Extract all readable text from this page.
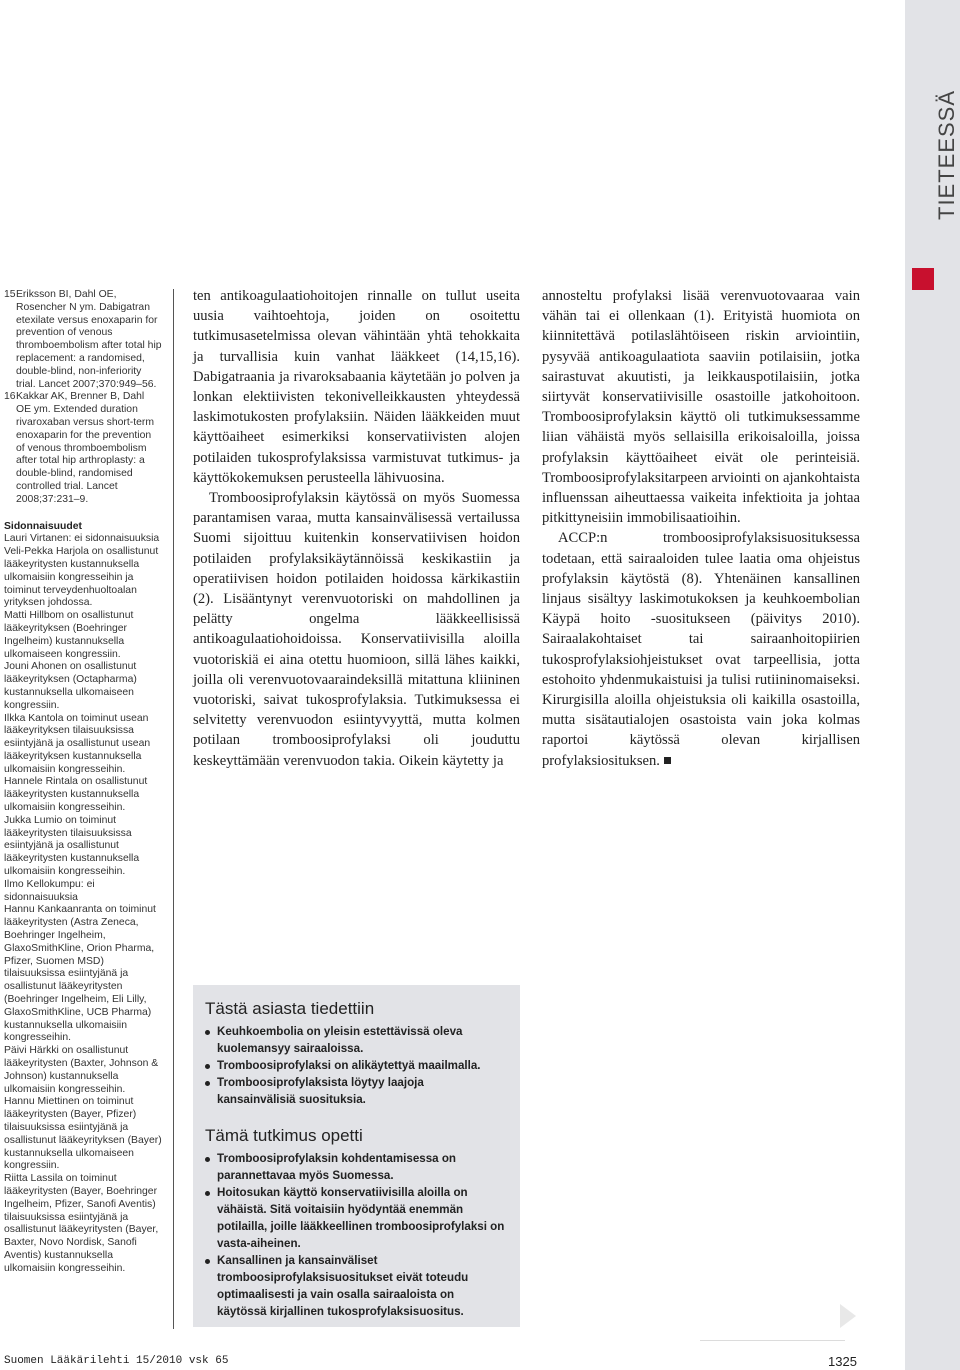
TIETEESSÄ
15 Eriksson BI, Dahl OE, Rosencher N ym. Dabigatran etexilate versus enoxaparin for prevention of venous thromboembolism after total hip replacement: a randomised, double-blind, non-inferiority trial. Lancet 2007;370:949–56.
16 Kakkar AK, Brenner B, Dahl OE ym. Extended duration rivaroxaban versus short-term enoxaparin for the prevention of venous thromboembolism after total hip arthroplasty: a double-blind, randomised controlled trial. Lancet 2008;37:231–9.
Sidonnaisuudet
Lauri Virtanen: ei sidonnaisuuksia
Veli-Pekka Harjola on osallistunut lääkeyritysten kustannuksella ulkomaisiin kongresseihin ja toiminut terveydenhuoltoalan yrityksen johdossa.
Matti Hillbom on osallistunut lääkeyrityksen (Boehringer Ingelheim) kustannuksella ulkomaiseen kongressiin.
Jouni Ahonen on osallistunut lääkeyrityksen (Octapharma) kustannuksella ulkomaiseen kongressiin.
Ilkka Kantola on toiminut usean lääkeyrityksen tilaisuuksissa esiintyjänä ja osallistunut usean lääkeyrityksen kustannuksella ulkomaisiin kongresseihin.
Hannele Rintala on osallistunut lääkeyritysten kustannuksella ulkomaisiin kongresseihin.
Jukka Lumio on toiminut lääkeyritysten tilaisuuksissa esiintyjänä ja osallistunut lääkeyritysten kustannuksella ulkomaisiin kongresseihin.
Ilmo Kellokumpu: ei sidonnaisuuksia
Hannu Kankaanranta on toiminut lääkeyritysten (Astra Zeneca, Boehringer Ingelheim, GlaxoSmithKline, Orion Pharma, Pfizer, Suomen MSD) tilaisuuksissa esiintyjänä ja osallistunut lääkeyritysten (Boehringer Ingelheim, Eli Lilly, GlaxoSmithKline, UCB Pharma) kustannuksella ulkomaisiin kongresseihin.
Päivi Härkki on osallistunut lääkeyritysten (Baxter, Johnson & Johnson) kustannuksella ulkomaisiin kongresseihin.
Hannu Miettinen on toiminut lääkeyritysten (Bayer, Pfizer) tilaisuuksissa esiintyjänä ja osallistunut lääkeyrityksen (Bayer) kustannuksella ulkomaiseen kongressiin.
Riitta Lassila on toiminut lääkeyritysten (Bayer, Boehringer Ingelheim, Pfizer, Sanofi Aventis) tilaisuuksissa esiintyjänä ja osallistunut lääkeyritysten (Bayer, Baxter, Novo Nordisk, Sanofi Aventis) kustannuksella ulkomaisiin kongresseihin.

ten antikoagulaatiohoitojen rinnalle on tullut useita uusia vaihtoehtoja, joiden on osoitettu tutkimusasetelmissa olevan vähintään yhtä tehokkaita ja turvallisia kuin vanhat lääkkeet (14,15,16). Dabigatraania ja rivaroksabaania käytetään jo polven ja lonkan elektiivisten tekonivelleikkausten yhteydessä laskimotukosten profylaksiin. Näiden lääkkeiden muut käyttöaiheet esimerkiksi konservatiivisten alojen potilaiden tukosprofylaksissa varmistuvat tutkimus- ja käyttökokemuksen perusteella lähivuosina.

Tromboosiprofylaksin käytössä on myös Suomessa parantamisen varaa, mutta kansainvälisessä vertailussa Suomi sijoittuu kuitenkin konservatiivisen hoidon potilaiden profylaksikäytännöissä keskikastiin ja operatiivisen hoidon potilaiden hoidossa kärkikastiin (2). Lisääntynyt verenvuotoriski on mahdollinen ja pelätty ongelma lääkkeellisissä antikoagulaatiohoidoissa. Konservatiivisilla aloilla vuotoriskiä ei aina otettu huomioon, sillä lähes kaikki, joilla oli verenvuotovaaraindeksillä mitattuna kliininen vuotoriski, saivat tukosprofylaksia. Tutkimuksessa ei selvitetty verenvuodon esiintyvyyttä, mutta kolmen potilaan tromboosiprofylaksi oli jouduttu keskeyttämään verenvuodon takia. Oikein käytetty ja

annosteltu profylaksi lisää verenvuotovaaraa vain vähän tai ei ollenkaan (1). Erityistä huomiota on kiinnitettävä potilaslähtöiseen riskin arviointiin, pysyvää antikoagulaatiota saaviin potilaisiin, jotka sairastuvat akuutisti, ja leikkauspotilaisiin, jotka siirtyvät konservatiivisille osastoille jatkohoitoon. Tromboosiprofylaksin käyttö oli tutkimuksessamme liian vähäistä myös sellaisilla erikoisaloilla, joissa profylaksin käyttöaiheet eivät ole perinteisiä. Tromboosiprofylaksitarpeen arviointi on ajankohtaista influenssan aiheuttaessa vaikeita infektioita ja johtaa pitkittyneisiin immobilisaatioihin.

ACCP:n tromboosiprofylaksisuosituksessa todetaan, että sairaaloiden tulee laatia oma ohjeistus profylaksin käytöstä (8). Yhtenäinen kansallinen linjaus sisältyy laskimotukoksen ja keuhkoembolian Käypä hoito -suositukseen (päivitys 2010). Sairaalakohtaiset tai sairaanhoitopiirien tukosprofylaksiohjeistukset ovat tarpeellisia, jotta estohoito yhdenmukaistuisi ja tulisi rutiininomaiseksi. Kirurgisilla aloilla ohjeistuksia oli kaikilla osastoilla, mutta sisätautialojen osastoista vain joka kolmas raportoi käytössä olevan kirjallisen profylaksiosituksen.

Tästä asiasta tiedettiin
Keuhkoembolia on yleisin estettävissä oleva kuolemansyy sairaaloissa.
Tromboosiprofylaksi on alikäytettyä maailmalla.
Tromboosiprofylaksista löytyy laajoja kansainvälisiä suosituksia.
Tämä tutkimus opetti
Tromboosiprofylaksin kohdentamisessa on parannettavaa myös Suomessa.
Hoitosukan käyttö konservatiivisilla aloilla on vähäistä. Sitä voitaisiin hyödyntää enemmän potilailla, joille lääkkeellinen tromboosiprofylaksi on vasta-aiheinen.
Kansallinen ja kansainväliset tromboosiprofylaksisuositukset eivät toteudu optimaalisesti ja vain osalla sairaaloista on käytössä kirjallinen tukosprofylaksisuositus.
Suomen Lääkärilehti 15/2010 vsk 65	1325
